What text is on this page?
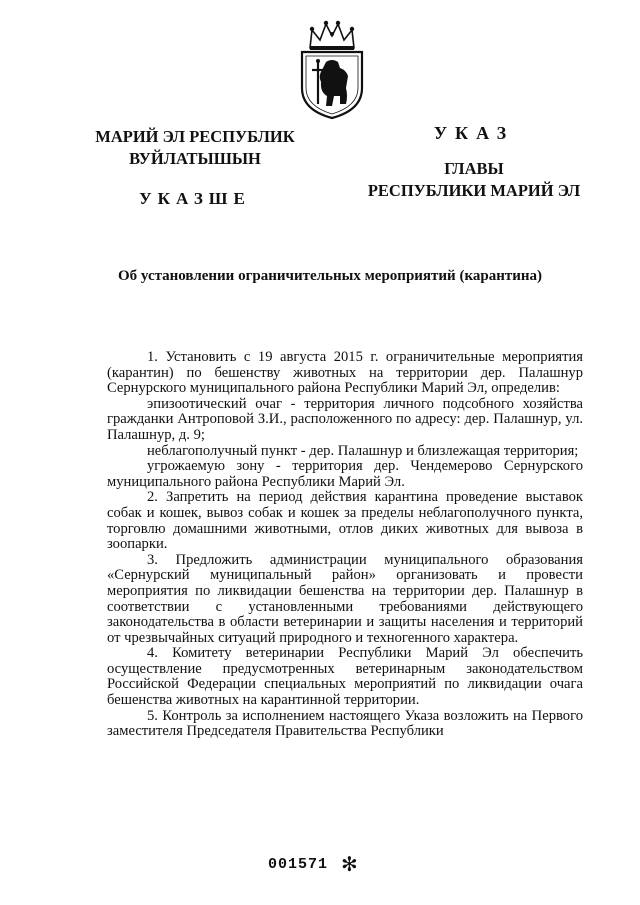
МАРИЙ ЭЛ РЕСПУБЛИК
ВУЙЛАТЫШЫН
УКАЗШЕ
УКАЗ
ГЛАВЫ
РЕСПУБЛИКИ МАРИЙ ЭЛ
Об установлении ограничительных мероприятий (карантина)

1. Установить с 19 августа 2015 г. ограничительные мероприятия (карантин) по бешенству животных на территории дер. Палашнур Сернурского муниципального района Республики Марий Эл, определив:

эпизоотический очаг - территория личного подсобного хозяйства гражданки Антроповой З.И., расположенного по адресу: дер. Палашнур, ул. Палашнур, д. 9;

неблагополучный пункт - дер. Палашнур и близлежащая территория;

угрожаемую зону - территория дер. Чендемерово Сернурского муниципального района Республики Марий Эл.

2. Запретить на период действия карантина проведение выставок собак и кошек, вывоз собак и кошек за пределы неблагополучного пункта, торговлю домашними животными, отлов диких животных для вывоза в зоопарки.

3. Предложить администрации муниципального образования «Сернурский муниципальный район» организовать и провести мероприятия по ликвидации бешенства на территории дер. Палашнур в соответствии с установленными требованиями действующего законодательства в области ветеринарии и защиты населения и территорий от чрезвычайных ситуаций природного и техногенного характера.

4. Комитету ветеринарии Республики Марий Эл обеспечить осуществление предусмотренных ветеринарным законодательством Российской Федерации специальных мероприятий по ликвидации очага бешенства животных на карантинной территории.

5. Контроль за исполнением настоящего Указа возложить на Первого заместителя Председателя Правительства Республики

001571 ✻
